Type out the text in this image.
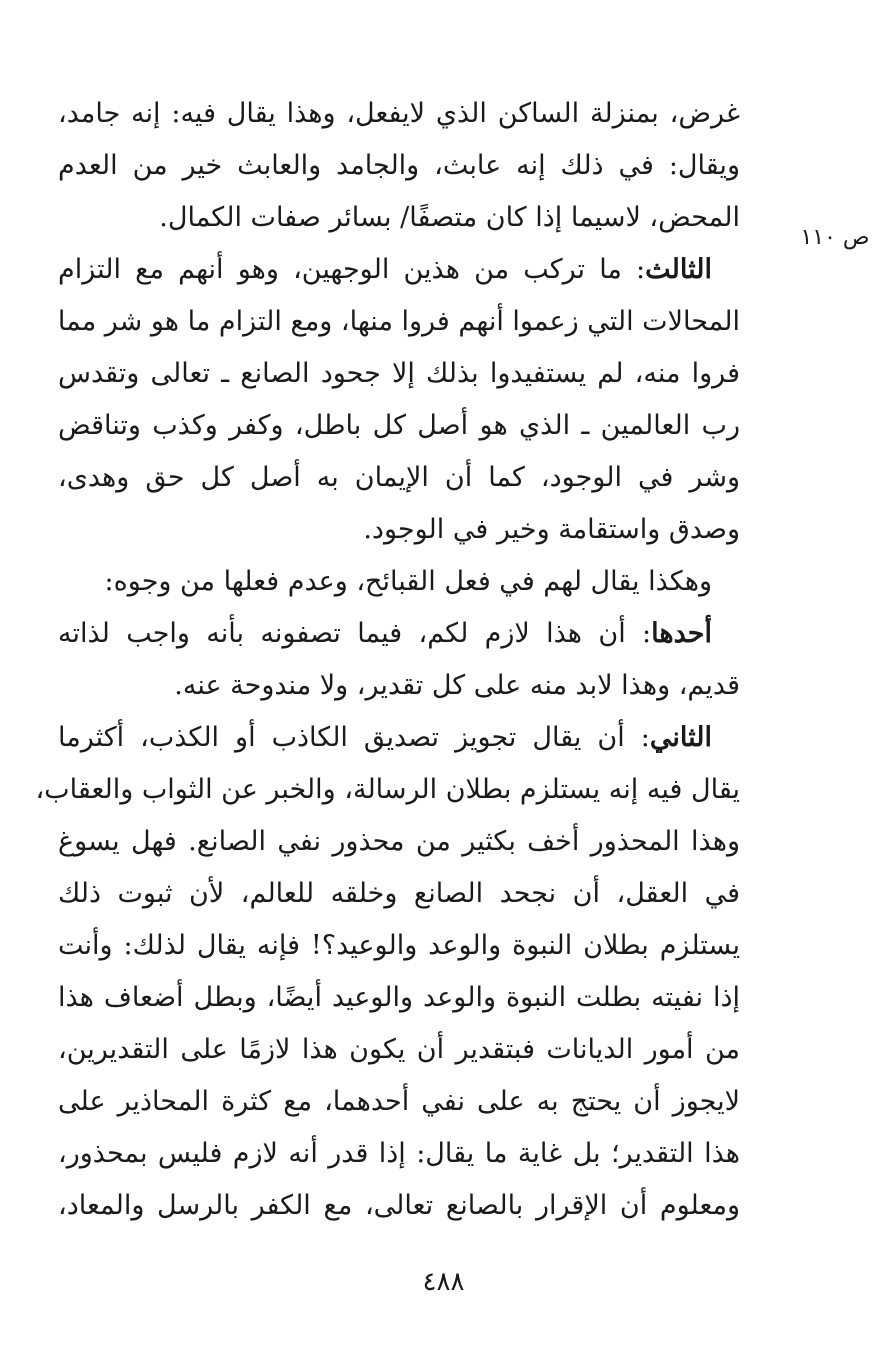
ص ١١٠
غرض، بمنزلة الساكن الذي لايفعل، وهذا يقال فيه: إنه جامد،
ويقال: في ذلك إنه عابث، والجامد والعابث خير من العدم
المحض، لاسيما إذا كان متصفًا/ بسائر صفات الكمال.
الثالث: ما تركب من هذين الوجهين، وهو أنهم مع التزام
المحالات التي زعموا أنهم فروا منها، ومع التزام ما هو شر مما
فروا منه، لم يستفيدوا بذلك إلا جحود الصانع ـ تعالى وتقدس
رب العالمين ـ الذي هو أصل كل باطل، وكفر وكذب وتناقض
وشر في الوجود، كما أن الإيمان به أصل كل حق وهدى،
وصدق واستقامة وخير في الوجود.
وهكذا يقال لهم في فعل القبائح، وعدم فعلها من وجوه:
أحدها: أن هذا لازم لكم، فيما تصفونه بأنه واجب لذاته
قديم، وهذا لابد منه على كل تقدير، ولا مندوحة عنه.
الثاني: أن يقال تجويز تصديق الكاذب أو الكذب، أكثرما
يقال فيه إنه يستلزم بطلان الرسالة، والخبر عن الثواب والعقاب،
وهذا المحذور أخف بكثير من محذور نفي الصانع. فهل يسوغ
في العقل، أن نجحد الصانع وخلقه للعالم، لأن ثبوت ذلك
يستلزم بطلان النبوة والوعد والوعيد؟! فإنه يقال لذلك: وأنت
إذا نفيته بطلت النبوة والوعد والوعيد أيضًا، وبطل أضعاف هذا
من أمور الديانات فبتقدير أن يكون هذا لازمًا على التقديرين،
لايجوز أن يحتج به على نفي أحدهما، مع كثرة المحاذير على
هذا التقدير؛ بل غاية ما يقال: إذا قدر أنه لازم فليس بمحذور،
ومعلوم أن الإقرار بالصانع تعالى، مع الكفر بالرسل والمعاد،
٤٨٨
